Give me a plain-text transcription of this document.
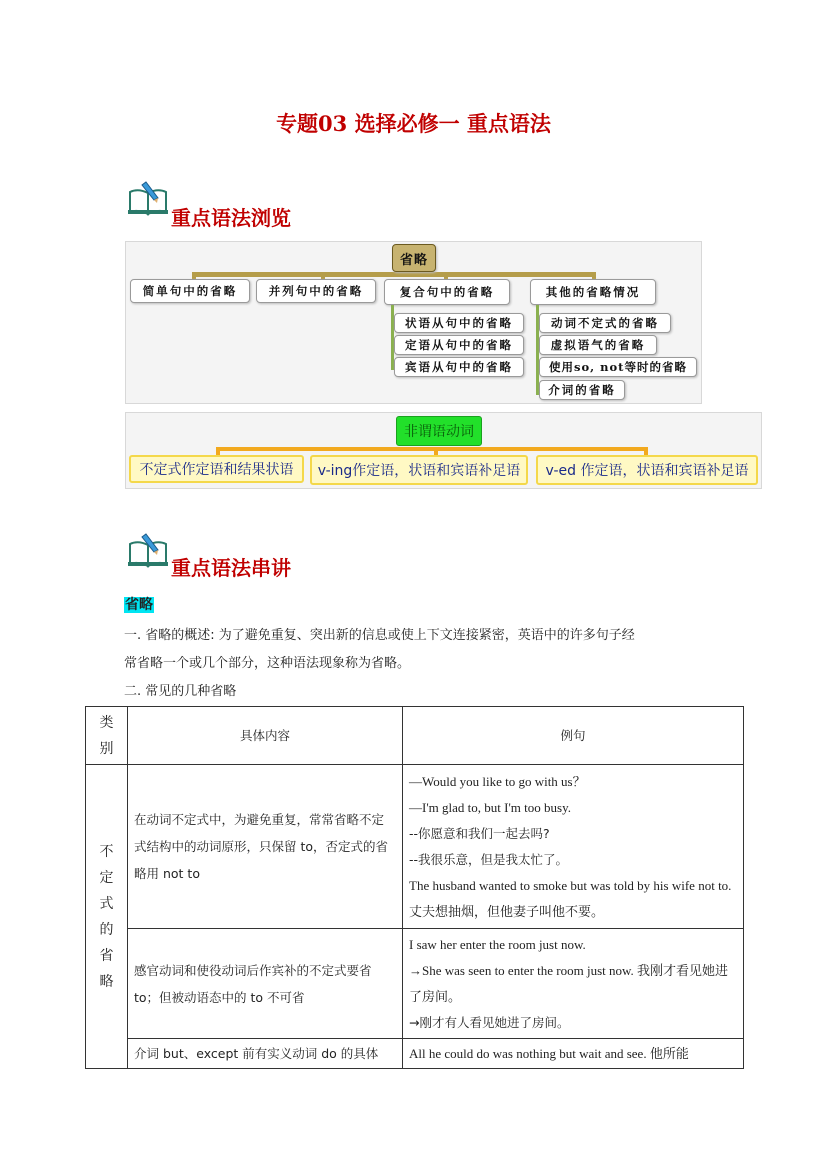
专题03 选择必修一 重点语法
重点语法浏览
省略
简单句中的省略	并列句中的省略	复合句中的省略	其他的省略情况
状语从句中的省略
定语从句中的省略
宾语从句中的省略
动词不定式的省略
虚拟语气的省略
使用so, not等时的省略
介词的省略
非谓语动词
不定式作定语和结果状语	v-ing作定语，状语和宾语补足语	v-ed 作定语，状语和宾语补足语
重点语法串讲
省略
一. 省略的概述: 为了避免重复、突出新的信息或使上下文连接紧密，英语中的许多句子经
常省略一个或几个部分，这种语法现象称为省略。
二. 常见的几种省略
类别	具体内容	例句

不定式的省略	在动词不定式中，为避免重复，常常省略不定式结构中的动词原形，只保留 to，否定式的省略用 not to	—Would you like to go with us？
—I'm glad to, but I'm too busy.
--你愿意和我们一起去吗?
--我很乐意，但是我太忙了。
The husband wanted to smoke but was told by his wife not to. 丈夫想抽烟，但他妻子叫他不要。

	感官动词和使役动词后作宾补的不定式要省 to；但被动语态中的 to 不可省	I saw her enter the room just now.
→She was seen to enter the room just now. 我刚才看见她进了房间。
→刚才有人看见她进了房间。

	介词 but、except 前有实义动词 do 的具体	All he could do was nothing but wait and see. 他所能
